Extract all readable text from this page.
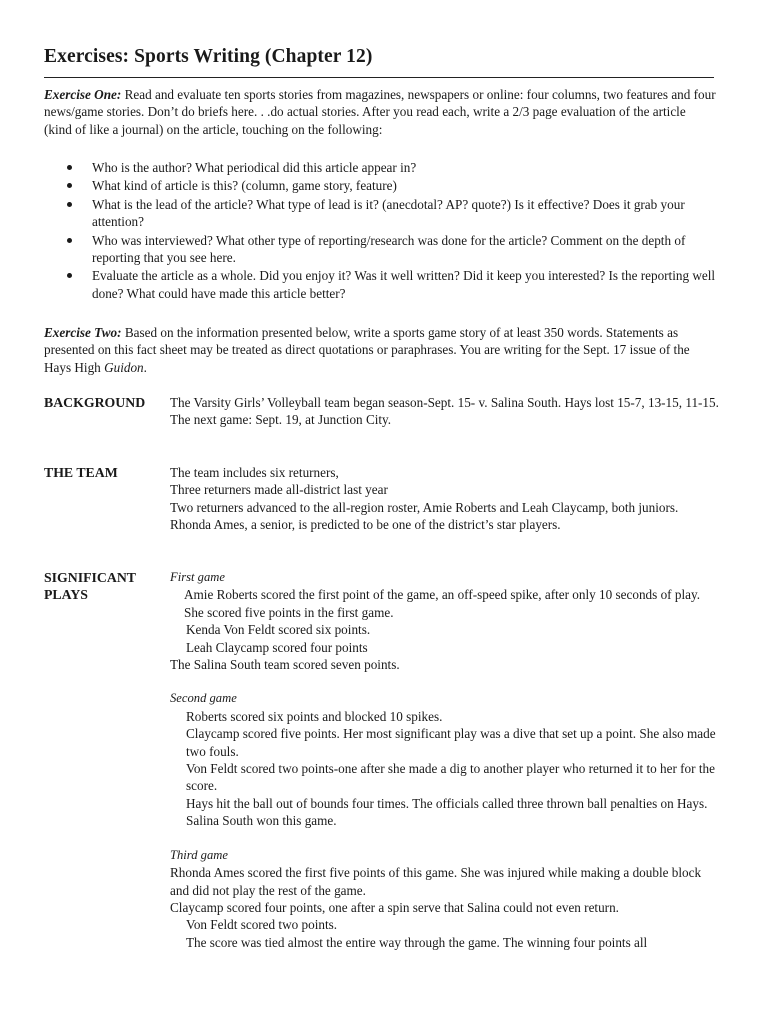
Exercises: Sports Writing (Chapter 12)

Exercise One: Read and evaluate ten sports stories from magazines, newspapers or online: four columns, two features and four news/game stories. Don’t do briefs here. . .do actual stories. After you read each, write a 2/3 page evaluation of the article (kind of like a journal) on the article, touching on the following:

Who is the author? What periodical did this article appear in?
What kind of article is this? (column, game story, feature)
What is the lead of the article? What type of lead is it? (anecdotal? AP? quote?) Is it effective? Does it grab your attention?
Who was interviewed? What other type of reporting/research was done for the article? Comment on the depth of reporting that you see here.
Evaluate the article as a whole. Did you enjoy it? Was it well written? Did it keep you interested? Is the reporting well done? What could have made this article better?

Exercise Two: Based on the information presented below, write a sports game story of at least 350 words. Statements as presented on this fact sheet may be treated as direct quotations or paraphrases. You are writing for the Sept. 17 issue of the Hays High Guidon.

BACKGROUND	The Varsity Girls’ Volleyball team began season-Sept. 15- v. Salina South. Hays lost 15-7, 13-15, 11-15.
The next game: Sept. 19, at Junction City.
THE TEAM	The team includes six returners,
Three returners made all-district last year
Two returners advanced to the all-region roster, Amie Roberts and Leah Claycamp, both juniors.
Rhonda Ames, a senior, is predicted to be one of the district’s star players.
SIGNIFICANT
PLAYS
First game
Amie Roberts scored the first point of the game, an off-speed spike, after only 10 seconds of play. She scored five points in the first game.
Kenda Von Feldt scored six points.
Leah Claycamp scored four points
The Salina South team scored seven points.
Second game
Roberts scored six points and blocked 10 spikes.
Claycamp scored five points. Her most significant play was a dive that set up a point. She also made two fouls.
Von Feldt scored two points-one after she made a dig to another player who returned it to her for the score.
Hays hit the ball out of bounds four times. The officials called three thrown ball penalties on Hays.
Salina South won this game.
Third game
Rhonda Ames scored the first five points of this game. She was injured while making a double block and did not play the rest of the game.
Claycamp scored four points, one after a spin serve that Salina could not even return.
Von Feldt scored two points.
The score was tied almost the entire way through the game. The winning four points all
